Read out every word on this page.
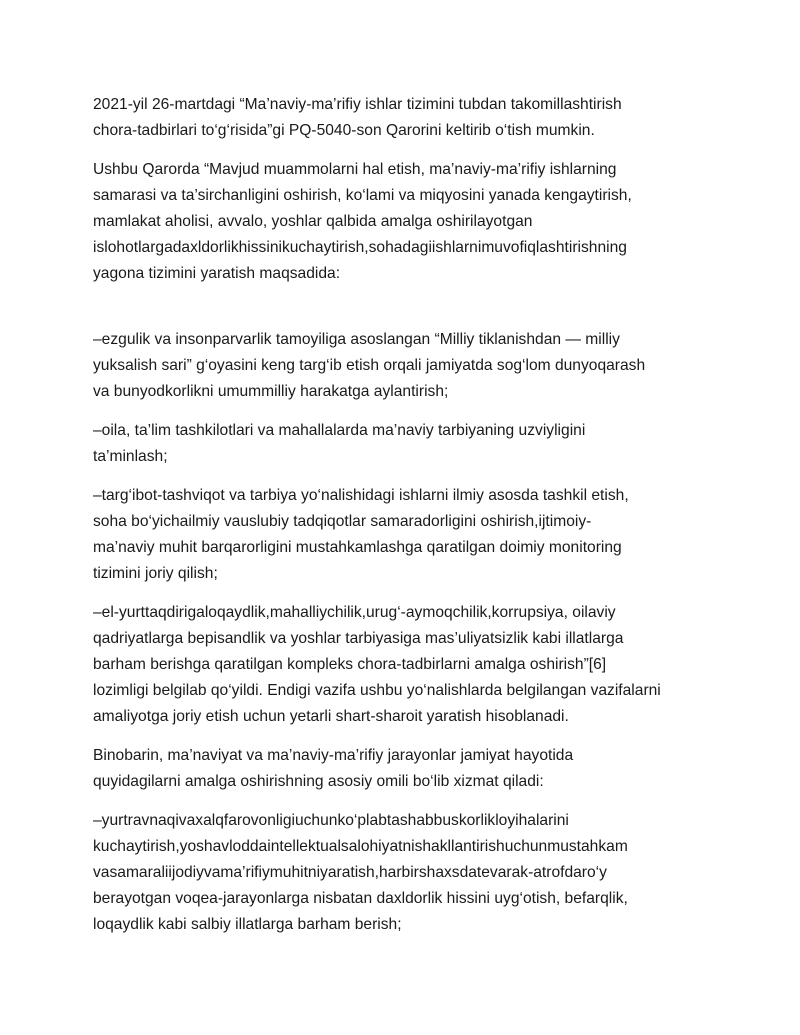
2021-yil 26-martdagi “Ma’naviy-ma’rifiy ishlar tizimini tubdan takomillashtirish
chora-tadbirlari to‘g‘risida”gi PQ-5040-son Qarorini keltirib o‘tish mumkin.
Ushbu Qarorda “Mavjud muammolarni hal etish, ma’naviy-ma’rifiy ishlarning
samarasi va ta’sirchanligini oshirish, ko‘lami va miqyosini yanada kengaytirish,
mamlakat aholisi, avvalo, yoshlar qalbida amalga oshirilayotgan
islohotlargadaxldorlikhissinikuchaytirish,sohadagiishlarnimuvofiqlashtirishning
yagona tizimini yaratish maqsadida:
–ezgulik va insonparvarlik tamoyiliga asoslangan “Milliy tiklanishdan — milliy
yuksalish sari” g‘oyasini keng targ‘ib etish orqali jamiyatda sog‘lom dunyoqarash
va bunyodkorlikni umummilliy harakatga aylantirish;
–oila, ta’lim tashkilotlari va mahallalarda ma’naviy tarbiyaning uzviyligini
ta’minlash;
–targ‘ibot-tashviqot va tarbiya yo‘nalishidagi ishlarni ilmiy asosda tashkil etish,
soha bo‘yichailmiy vauslubiy tadqiqotlar samaradorligini oshirish,ijtimoiy-
ma’naviy muhit barqarorligini mustahkamlashga qaratilgan doimiy monitoring
tizimini joriy qilish;
–el-yurttaqdirigaloqaydlik,mahalliychilik,urug‘-aymoqchilik,korrupsiya, oilaviy
qadriyatlarga bepisandlik va yoshlar tarbiyasiga mas’uliyatsizlik kabi illatlarga
barham berishga qaratilgan kompleks chora-tadbirlarni amalga oshirish”[6]
lozimligi belgilab qo‘yildi. Endigi vazifa ushbu yo‘nalishlarda belgilangan vazifalarni
amaliyotga joriy etish uchun yetarli shart-sharoit yaratish hisoblanadi.
Binobarin, ma’naviyat va ma’naviy-ma’rifiy jarayonlar jamiyat hayotida
quyidagilarni amalga oshirishning asosiy omili bo‘lib xizmat qiladi:
–yurtravnaqivaxalqfarovonligiuchunko‘plabtashabbuskorlikloyihalarini
kuchaytirish,yoshavloddaintellektualsalohiyatnishakllantirishuchunmustahkam
vasamaraliijodiyvama’rifiymuhitniyaratish,harbirshaxsdatevarak-atrofdaro‘y
berayotgan voqea-jarayonlarga nisbatan daxldorlik hissini uyg‘otish, befarqlik,
loqaydlik kabi salbiy illatlarga barham berish;
